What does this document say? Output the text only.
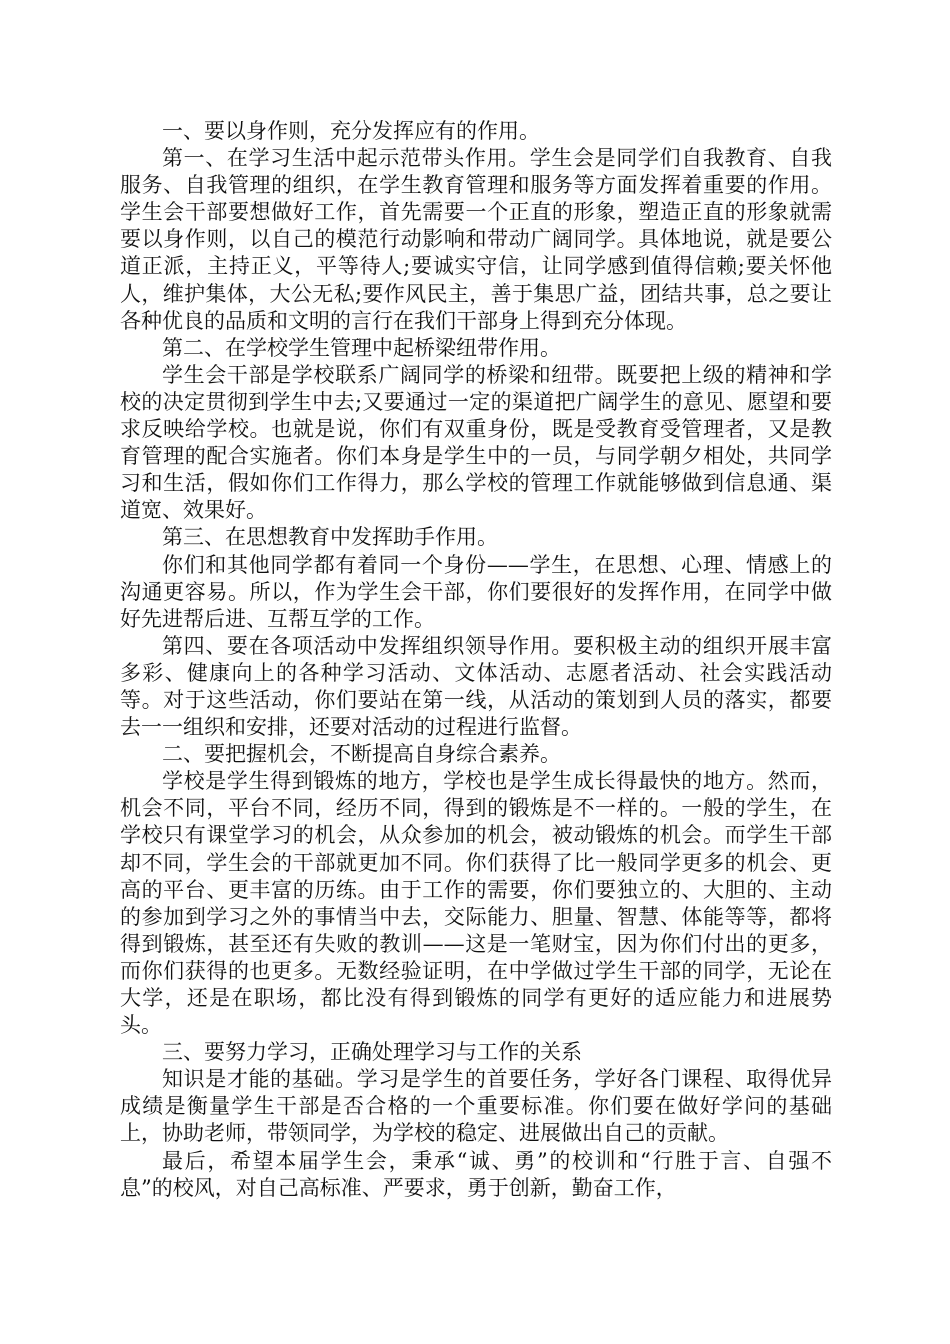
一、要以身作则，充分发挥应有的作用。

第一、在学习生活中起示范带头作用。学生会是同学们自我教育、自我服务、自我管理的组织，在学生教育管理和服务等方面发挥着重要的作用。学生会干部要想做好工作，首先需要一个正直的形象，塑造正直的形象就需要以身作则，以自己的模范行动影响和带动广阔同学。具体地说，就是要公道正派，主持正义，平等待人;要诚实守信，让同学感到值得信赖;要关怀他人，维护集体，大公无私;要作风民主，善于集思广益，团结共事，总之要让各种优良的品质和文明的言行在我们干部身上得到充分体现。

第二、在学校学生管理中起桥梁纽带作用。

学生会干部是学校联系广阔同学的桥梁和纽带。既要把上级的精神和学校的决定贯彻到学生中去;又要通过一定的渠道把广阔学生的意见、愿望和要求反映给学校。也就是说，你们有双重身份，既是受教育受管理者，又是教育管理的配合实施者。你们本身是学生中的一员，与同学朝夕相处，共同学习和生活，假如你们工作得力，那么学校的管理工作就能够做到信息通、渠道宽、效果好。

第三、在思想教育中发挥助手作用。

你们和其他同学都有着同一个身份——学生，在思想、心理、情感上的沟通更容易。所以，作为学生会干部，你们要很好的发挥作用，在同学中做好先进帮后进、互帮互学的工作。

第四、要在各项活动中发挥组织领导作用。要积极主动的组织开展丰富多彩、健康向上的各种学习活动、文体活动、志愿者活动、社会实践活动等。对于这些活动，你们要站在第一线，从活动的策划到人员的落实，都要去一一组织和安排，还要对活动的过程进行监督。

二、要把握机会，不断提高自身综合素养。

学校是学生得到锻炼的地方，学校也是学生成长得最快的地方。然而，机会不同，平台不同，经历不同，得到的锻炼是不一样的。一般的学生，在学校只有课堂学习的机会，从众参加的机会，被动锻炼的机会。而学生干部却不同，学生会的干部就更加不同。你们获得了比一般同学更多的机会、更高的平台、更丰富的历练。由于工作的需要，你们要独立的、大胆的、主动的参加到学习之外的事情当中去，交际能力、胆量、智慧、体能等等，都将得到锻炼，甚至还有失败的教训——这是一笔财宝，因为你们付出的更多，而你们获得的也更多。无数经验证明，在中学做过学生干部的同学，无论在大学，还是在职场，都比没有得到锻炼的同学有更好的适应能力和进展势头。

三、要努力学习，正确处理学习与工作的关系

知识是才能的基础。学习是学生的首要任务，学好各门课程、取得优异成绩是衡量学生干部是否合格的一个重要标准。你们要在做好学问的基础上，协助老师，带领同学，为学校的稳定、进展做出自己的贡献。

最后，希望本届学生会，秉承“诚、勇”的校训和“行胜于言、自强不息”的校风，对自己高标准、严要求，勇于创新，勤奋工作，
